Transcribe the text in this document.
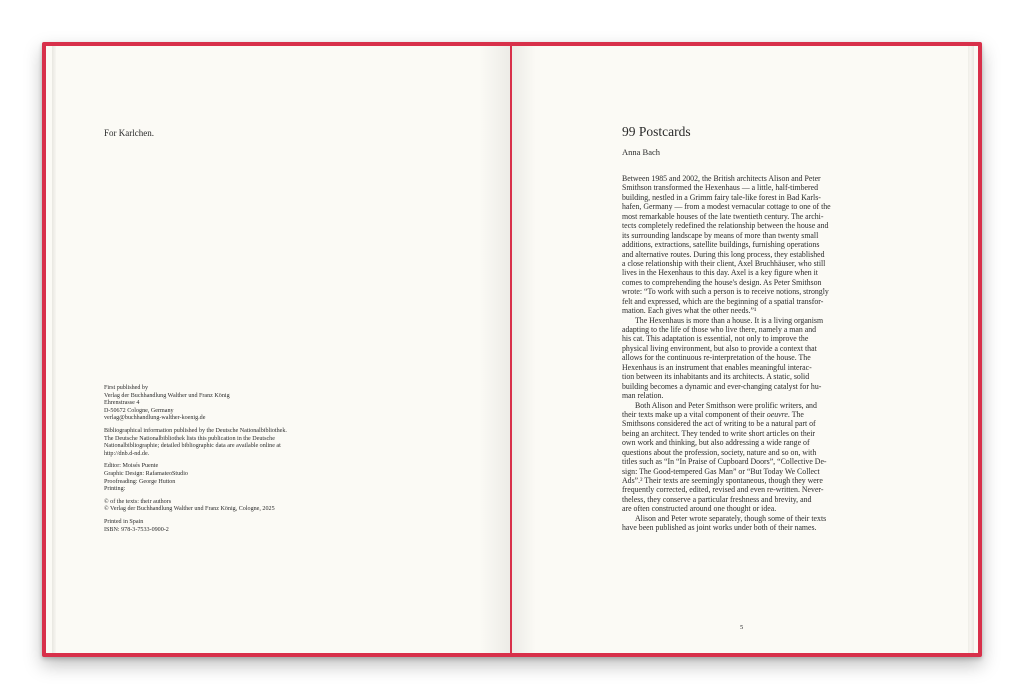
For Karlchen.

First published by
Verlag der Buchhandlung Walther und Franz König
Ehrenstrasse 4
D-50672 Cologne, Germany
verlag@buchhandlung-walther-koenig.de

Bibliographical information published by the Deutsche Nationalbibliothek.
The Deutsche Nationalbibliothek lists this publication in the Deutsche
Nationalbibliographie; detailed bibliographic data are available online at
http://dnb.d-nd.de.

Editor: Moisés Puente
Graphic Design: RafamateoStudio
Proofreading: George Hutton
Printing:

© of the texts: their authors
© Verlag der Buchhandlung Walther und Franz König, Cologne, 2025

Printed in Spain
ISBN: 978-3-7533-0900-2

99 Postcards
Anna Bach

Between 1985 and 2002, the British architects Alison and Peter
Smithson transformed the Hexenhaus — a little, half-timbered
building, nestled in a Grimm fairy tale-like forest in Bad Karls-
hafen, Germany — from a modest vernacular cottage to one of the
most remarkable houses of the late twentieth century. The archi-
tects completely redefined the relationship between the house and
its surrounding landscape by means of more than twenty small
additions, extractions, satellite buildings, furnishing operations
and alternative routes. During this long process, they established
a close relationship with their client, Axel Bruchhäuser, who still
lives in the Hexenhaus to this day. Axel is a key figure when it
comes to comprehending the house's design. As Peter Smithson
wrote: “To work with such a person is to receive notions, strongly
felt and expressed, which are the beginning of a spatial transfor-
mation. Each gives what the other needs.”¹

The Hexenhaus is more than a house. It is a living organism
adapting to the life of those who live there, namely a man and
his cat. This adaptation is essential, not only to improve the
physical living environment, but also to provide a context that
allows for the continuous re-interpretation of the house. The
Hexenhaus is an instrument that enables meaningful interac-
tion between its inhabitants and its architects. A static, solid
building becomes a dynamic and ever-changing catalyst for hu-
man relation.

Both Alison and Peter Smithson were prolific writers, and
their texts make up a vital component of their oeuvre. The
Smithsons considered the act of writing to be a natural part of
being an architect. They tended to write short articles on their
own work and thinking, but also addressing a wide range of
questions about the profession, society, nature and so on, with
titles such as “In “In Praise of Cupboard Doors”, “Collective De-
sign: The Good-tempered Gas Man” or “But Today We Collect
Ads”.² Their texts are seemingly spontaneous, though they were
frequently corrected, edited, revised and even re-written. Never-
theless, they conserve a particular freshness and brevity, and
are often constructed around one thought or idea.

Alison and Peter wrote separately, though some of their texts
have been published as joint works under both of their names.

5
